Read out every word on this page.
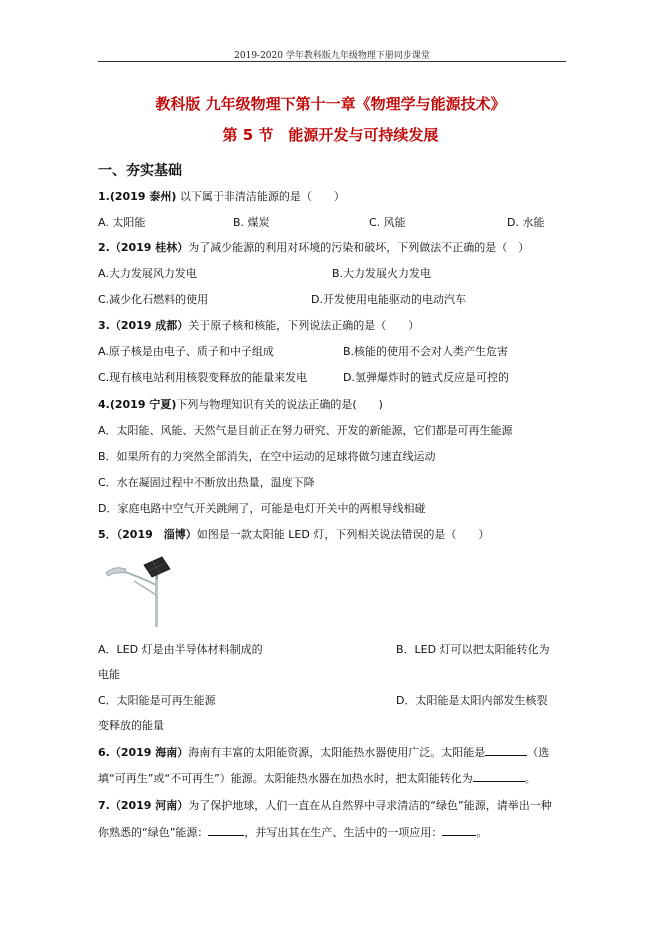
2019-2020 学年教科版九年级物理下册同步课堂
教科版 九年级物理下第十一章《物理学与能源技术》
第 5 节　能源开发与可持续发展
一、夯实基础
1.(2019 泰州) 以下属于非清洁能源的是（　　）
A. 太阳能	B. 煤炭	C. 风能	D. 水能
2.（2019 桂林）为了减少能源的利用对环境的污染和破坏，下列做法不正确的是（　）
A.大力发展风力发电	B.大力发展火力发电
C.减少化石燃料的使用	D.开发使用电能驱动的电动汽车
3.（2019 成都）关于原子核和核能，下列说法正确的是（　　）
A.原子核是由电子、质子和中子组成	B.核能的使用不会对人类产生危害
C.现有核电站利用核裂变释放的能量来发电	D.氢弹爆炸时的链式反应是可控的
4.(2019 宁夏)下列与物理知识有关的说法正确的是(　　)
A．太阳能、风能、天然气是目前正在努力研究、开发的新能源，它们都是可再生能源
B．如果所有的力突然全部消失，在空中运动的足球将做匀速直线运动
C．水在凝固过程中不断放出热量，温度下降
D．家庭电路中空气开关跳闸了，可能是电灯开关中的两根导线相碰
5．（2019　淄博）如图是一款太阳能 LED 灯，下列相关说法错误的是（　　）
A．LED 灯是由半导体材料制成的	B．LED 灯可以把太阳能转化为
电能
C．太阳能是可再生能源	D．太阳能是太阳内部发生核裂
变释放的能量
6.（2019 海南）海南有丰富的太阳能资源，太阳能热水器使用广泛。太阳能是	（选
填“可再生”或“不可再生”）能源。太阳能热水器在加热水时，把太阳能转化为	。
7.（2019 河南）为了保护地球，人们一直在从自然界中寻求清洁的“绿色”能源，请举出一种
你熟悉的“绿色”能源：	，并写出其在生产、生活中的一项应用：	。
